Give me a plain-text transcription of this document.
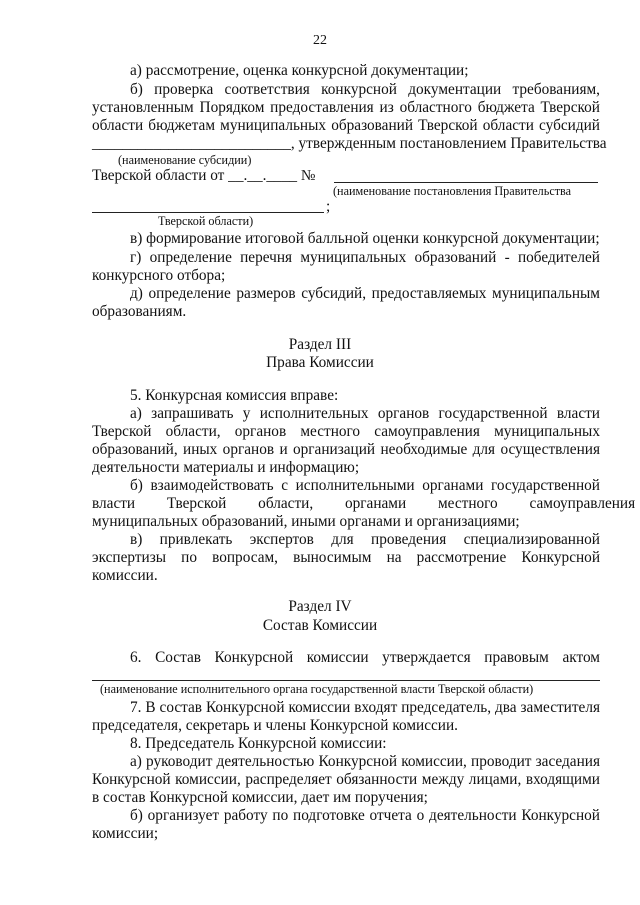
22
а) рассмотрение, оценка конкурсной документации;
б) проверка соответствия конкурсной документации требованиям,
установленным Порядком предоставления из областного бюджета Тверской
области бюджетам муниципальных образований Тверской области субсидий
__________________________, утвержденным постановлением Правительства
(наименование субсидии)
Тверской области от __.__.____ №
(наименование постановления Правительства
;
Тверской области)
в) формирование итоговой балльной оценки конкурсной документации;
г) определение перечня муниципальных образований - победителей
конкурсного отбора;
д) определение размеров субсидий, предоставляемых муниципальным
образованиям.
Раздел III
Права Комиссии
5. Конкурсная комиссия вправе:
а) запрашивать у исполнительных органов государственной власти
Тверской области, органов местного самоуправления муниципальных
образований, иных органов и организаций необходимые для осуществления
деятельности материалы и информацию;
б) взаимодействовать с исполнительными органами государственной
власти Тверской области, органами местного самоуправления
муниципальных образований, иными органами и организациями;
в) привлекать экспертов для проведения специализированной
экспертизы по вопросам, выносимым на рассмотрение Конкурсной
комиссии.
Раздел IV
Состав Комиссии
6. Состав Конкурсной комиссии утверждается правовым актом
(наименование исполнительного органа государственной власти Тверской области)
7. В состав Конкурсной комиссии входят председатель, два заместителя
председателя, секретарь и члены Конкурсной комиссии.
8. Председатель Конкурсной комиссии:
а) руководит деятельностью Конкурсной комиссии, проводит заседания
Конкурсной комиссии, распределяет обязанности между лицами, входящими
в состав Конкурсной комиссии, дает им поручения;
б) организует работу по подготовке отчета о деятельности Конкурсной
комиссии;
